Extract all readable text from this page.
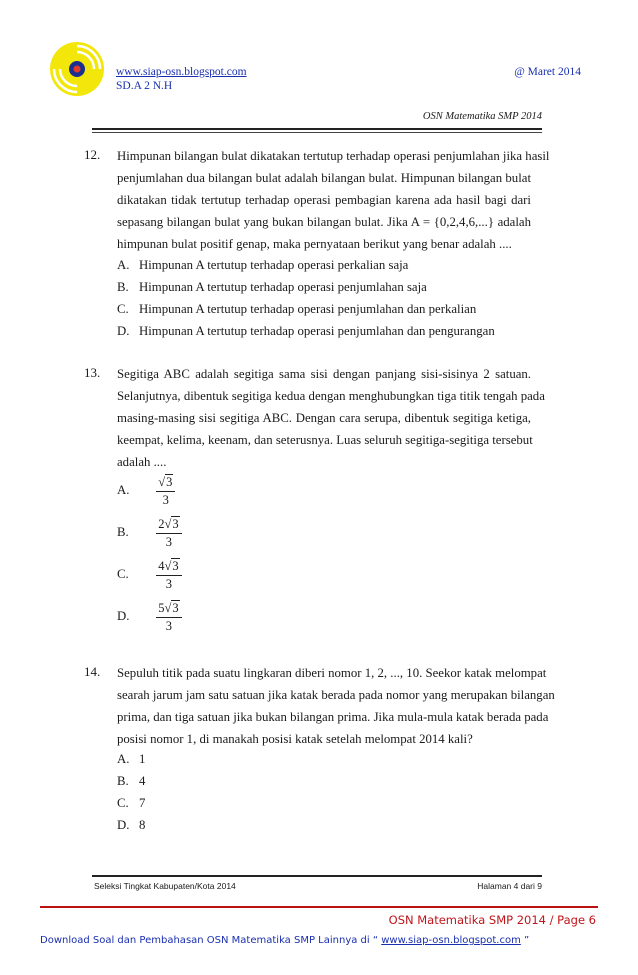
www.siap-osn.blogspot.com
SD.A 2 N.H
@ Maret 2014
OSN Matematika SMP 2014
12. Himpunan bilangan bulat dikatakan tertutup terhadap operasi penjumlahan jika hasil
penjumlahan dua bilangan bulat adalah bilangan bulat. Himpunan bilangan bulat
dikatakan tidak tertutup terhadap operasi pembagian karena ada hasil bagi dari
sepasang bilangan bulat yang bukan bilangan bulat. Jika A = {0,2,4,6,...} adalah
himpunan bulat positif genap, maka pernyataan berikut yang benar adalah ....
A. Himpunan A tertutup terhadap operasi perkalian saja
B. Himpunan A tertutup terhadap operasi penjumlahan saja
C. Himpunan A tertutup terhadap operasi penjumlahan dan perkalian
D. Himpunan A tertutup terhadap operasi penjumlahan dan pengurangan
13. Segitiga ABC adalah segitiga sama sisi dengan panjang sisi-sisinya 2 satuan.
Selanjutnya, dibentuk segitiga kedua dengan menghubungkan tiga titik tengah pada
masing-masing sisi segitiga ABC. Dengan cara serupa, dibentuk segitiga ketiga,
keempat, kelima, keenam, dan seterusnya. Luas seluruh segitiga-segitiga tersebut
adalah ....
A. $\frac{√3}{3}$
B. $\frac{2√3}{3}$
C. $\frac{4√3}{3}$
D. $\frac{5√3}{3}$
14. Sepuluh titik pada suatu lingkaran diberi nomor 1, 2, ..., 10. Seekor katak melompat
searah jarum jam satu satuan jika katak berada pada nomor yang merupakan bilangan
prima, dan tiga satuan jika bukan bilangan prima. Jika mula-mula katak berada pada
posisi nomor 1, di manakah posisi katak setelah melompat 2014 kali?
A. 1
B. 4
C. 7
D. 8
Seleksi Tingkat Kabupaten/Kota 2014	Halaman 4 dari 9
OSN Matematika SMP 2014 / Page 6
Download Soal dan Pembahasan OSN Matematika SMP Lainnya di “ www.siap-osn.blogspot.com ”
